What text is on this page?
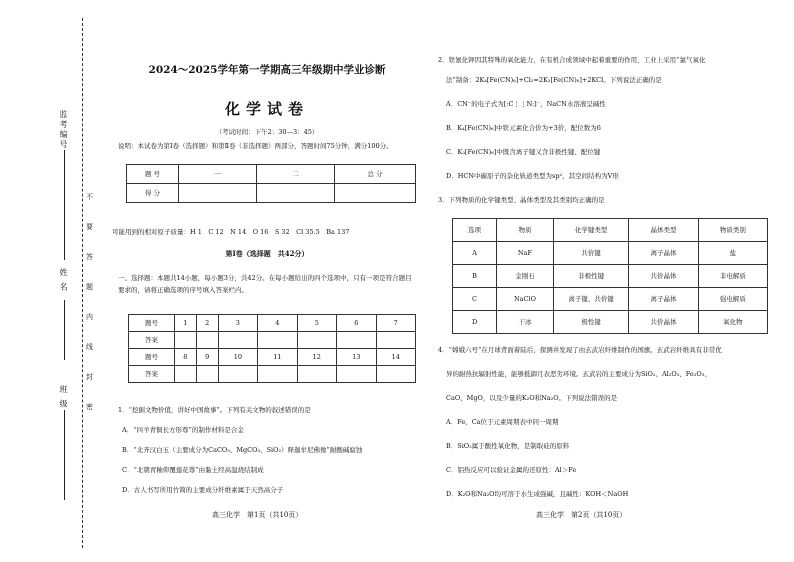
监考编号
姓 名
班 级
不
要
答
题
内
线
封
密
2024～2025学年第一学期高三年级期中学业诊断
化学试卷
（考试时间：下午2：30—3：45）
说明：本试卷为第Ⅰ卷（选择题）和第Ⅱ卷（非选择题）两部分，答题时间75分钟，满分100分。
题 号	一	二	总 分
得 分			
可能用到的相对原子质量：H 1　C 12　N 14　O 16　S 32　Cl 35.5　Ba 137
第Ⅰ卷（选择题　共42分）
一、选择题：本题共14小题，每小题3分，共42分。在每小题给出的四个选项中，只有一项是符合题目要求的，请将正确选项的序号填入答案栏内。
题号	1	2	3	4	5	6	7
答案							
题号	8	9	10	11	12	13	14
答案							
1．“挖掘文物价值，讲好中国故事”。下列有关文物的叙述错误的是
A．“四羊青铜长方形尊”的制作材料是合金
B．“北齐汉白玉（主要成分为CaCO₃、MgCO₃、SiO₂）释迦牟尼佛像”耐酸碱腐蚀
C．“北朝青釉仰覆莲花尊”由黏土经高温烧结制成
D．古人书写所用竹简的主要成分纤维素属于天然高分子
高三化学　第1页（共10页）
2．铁氰化钾因其特殊的氧化能力，在有机合成领域中起着重要的作用，工业上采用“氯气氧化
法”制备：2K₄[Fe(CN)₆]+Cl₂=2K₃[Fe(CN)₆]+2KCl。下列说法正确的是
A．CN⁻的电子式为[:C⋮⋮N:]⁻，NaCN水溶液呈碱性
B．K₄[Fe(CN)₆]中铁元素化合价为+3价，配位数为6
C．K₃[Fe(CN)₆]中既含离子键又含非极性键、配位键
D．HCN中碳原子的杂化轨道类型为sp²，其空间结构为V形
3．下列物质的化学键类型、晶体类型及其类别均正确的是
选项	物质	化学键类型	晶体类型	物质类别
A	NaF	共价键	离子晶体	盐
B	金刚石	非极性键	共价晶体	非电解质
C	NaClO	离子键、共价键	离子晶体	强电解质
D	干冰	极性键	共价晶体	氧化物
4．“嫦娥六号”在月球背面着陆后，探测并发现了由玄武岩纤维制作的国旗。玄武岩纤维具有非常优
异的耐热抗辐射性能，能够抵御月表恶劣环境。玄武岩的主要成分为SiO₂、Al₂O₃、Fe₂O₃、
CaO、MgO，以及少量的K₂O和Na₂O。下列说法错误的是
A．Fe、Ca位于元素周期表中同一周期
B．SiO₂属于酸性氧化物，是制取硅的原料
C．铝热反应可以验证金属的还原性：Al＞Fe
D．K₂O和Na₂O均可溶于水生成强碱，且碱性：KOH＜NaOH
高三化学　第2页（共10页）
